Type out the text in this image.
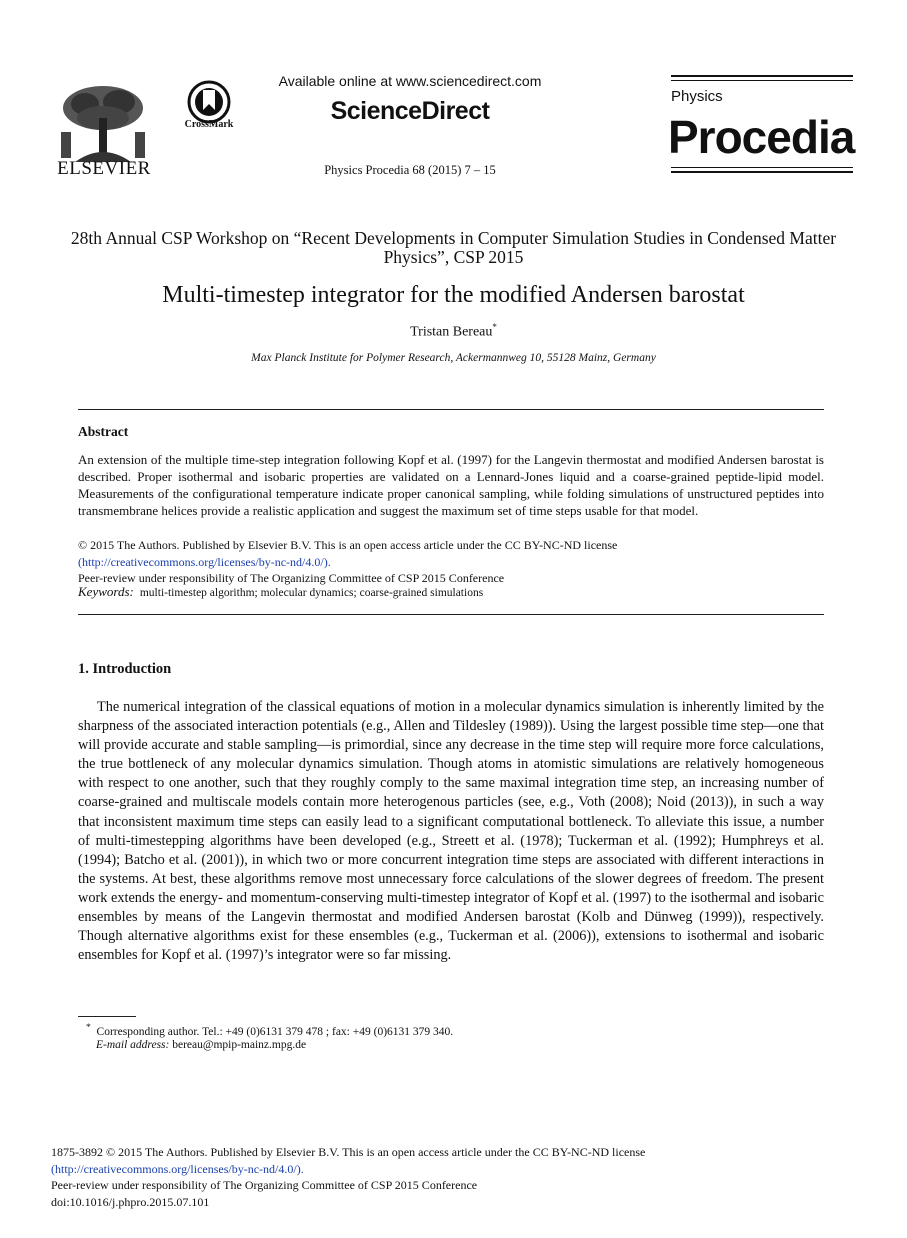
ELSEVIER
CrossMark
Available online at www.sciencedirect.com
ScienceDirect
Physics Procedia 68 (2015) 7 – 15
Physics
Procedia
28th Annual CSP Workshop on “Recent Developments in Computer Simulation Studies in Condensed Matter Physics”, CSP 2015
Multi-timestep integrator for the modified Andersen barostat
Tristan Bereau*
Max Planck Institute for Polymer Research, Ackermannweg 10, 55128 Mainz, Germany
Abstract
An extension of the multiple time-step integration following Kopf et al. (1997) for the Langevin thermostat and modified Andersen barostat is described. Proper isothermal and isobaric properties are validated on a Lennard-Jones liquid and a coarse-grained peptide-lipid model. Measurements of the configurational temperature indicate proper canonical sampling, while folding simulations of unstructured peptides into transmembrane helices provide a realistic application and suggest the maximum set of time steps usable for that model.
© 2015 The Authors. Published by Elsevier B.V. This is an open access article under the CC BY-NC-ND license
(http://creativecommons.org/licenses/by-nc-nd/4.0/).
Peer-review under responsibility of The Organizing Committee of CSP 2015 Conference
Keywords: multi-timestep algorithm; molecular dynamics; coarse-grained simulations
1. Introduction
The numerical integration of the classical equations of motion in a molecular dynamics simulation is inherently limited by the sharpness of the associated interaction potentials (e.g., Allen and Tildesley (1989)). Using the largest possible time step—one that will provide accurate and stable sampling—is primordial, since any decrease in the time step will require more force calculations, the true bottleneck of any molecular dynamics simulation. Though atoms in atomistic simulations are relatively homogeneous with respect to one another, such that they roughly comply to the same maximal integration time step, an increasing number of coarse-grained and multiscale models contain more heterogenous particles (see, e.g., Voth (2008); Noid (2013)), in such a way that inconsistent maximum time steps can easily lead to a significant computational bottleneck. To alleviate this issue, a number of multi-timestepping algorithms have been developed (e.g., Streett et al. (1978); Tuckerman et al. (1992); Humphreys et al. (1994); Batcho et al. (2001)), in which two or more concurrent integration time steps are associated with different interactions in the systems. At best, these algorithms remove most unnecessary force calculations of the slower degrees of freedom. The present work extends the energy- and momentum-conserving multi-timestep integrator of Kopf et al. (1997) to the isothermal and isobaric ensembles by means of the Langevin thermostat and modified Andersen barostat (Kolb and Dünweg (1999)), respectively. Though alternative algorithms exist for these ensembles (e.g., Tuckerman et al. (2006)), extensions to isothermal and isobaric ensembles for Kopf et al. (1997)’s integrator were so far missing.
* Corresponding author. Tel.: +49 (0)6131 379 478 ; fax: +49 (0)6131 379 340.
E-mail address: bereau@mpip-mainz.mpg.de
1875-3892 © 2015 The Authors. Published by Elsevier B.V. This is an open access article under the CC BY-NC-ND license
(http://creativecommons.org/licenses/by-nc-nd/4.0/).
Peer-review under responsibility of The Organizing Committee of CSP 2015 Conference
doi:10.1016/j.phpro.2015.07.101
